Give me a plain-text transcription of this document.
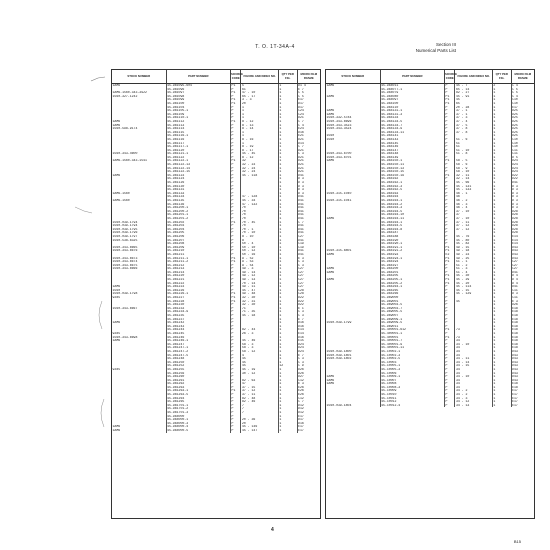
T. O. 1T-34A-4	Section III
Numerical Parts List
STOCK NUMBER	PART NUMBER	SOURCE CODE	FIGURE AND INDEX NO.	QTY PER FIG.	MICRO FILM FRAME
1AM6	45-961095-604	P1	5	1	D1 4
	45-961096	P	61	1	E 7
1AM6-1560-343-3922	45-961097	P1	47 - 10	1	C 5
1560-327-1242	45-961098	P	65 - 17	1	C 5
	45-961099	P1	3 - 3	1	E17
	45-961100	P1	20	1	D17
	45-961104	P	1	1	D17
	45-961105-1	P	1	1	C24
	45-961109	P	1	1	C24
	45-961110-1	P	1	1	D21
1AM6	45-961112	P1	8 - 12	1	C 7
1AM6	45-961113	P	8 - 13	1	C 4
1560-598-9174	45-961114	P	8 - 14	1	E24
	45-961115	P	1	1	D16
	45-961116-1	P	1	1	E21
	45-961116	P	8 - 16	1	D21
	45-961117	P	1	1	D14
	45-961117-1	P	8 - 19	1	C 7
	45-961120	P	8 - 17	1	D21
1560-343-4600	45-961121-1	P	45 - 45	1	C 3
	45-961122	P	8 - 12	1	D21
1AM6-1560-343-1541	45-961122-1	P1	32	1	D21
	45-961122-13	P	32 - 23	1	D21
	45-961122-14	P	32 - 24	1	D21
	45-961122-15	P	32 - 24	1	D21
1AM6	45-961123	P	45 - 118	1	D41
	45-961124	P		1	D 3
	45-961126	P		1	D 3
	45-961130	P		1	D 3
	45-961131	P		1	D 3
1AM6-1560	45-961133	P		1	D 3
	45-961134	P	47 - 128	1	D41
1AM6-1560	45-961135	P	45 - 34	1	D41
	45-961136	P	47 - 132	1	D41
	45-961200-1	P	70	1	D41
	45-961200-2	P	70	1	D41
	45-961201-1	P	70	1	D41
	45-961201-2	P	70	1	D41
1560-039-1794	45-961202	P1	70 - 45	1	C 7
1560-039-1794	45-961203	P	70	1	D41
1560-039-1795	45-961204	P	70 - 1	1	D41
1560-039-1796	45-961205	P	70 - 10	1	D41
1560-039-1797	45-961206	P	8 - 10	1	C27
1560-538-6325	45-961207	P	8	1	D41
	45-961208	P	50 - 4	1	C19
1560-343-6665	45-961209	P	50 - 10	1	C19
1560-343-6676	45-961210	P	50 - 12	1	D41
	45-961211	P	50 - 16	1	D41
1560-343-6673	45-961211-1	P1	9 - 52	1	E 3
1560-343-6674	45-961211-2	P1	9 - 53	1	C 3
1560-343-6675	45-961212	P	9 - 54	1	C 3
1560-343-6666	45-961213	P	49 - 3	1	C27
	45-961214	P	49 - 14	1	C27
	45-961220	P	49 - 12	1	C27
	45-961221	P	49 - 13	1	C27
	45-961222	P	70 - 14	1	C27
1AM6	45-961223	P	49 - 11	1	C27
1560	45-961226	P	45 - 47	1	C28
1560-039-1798	45-961226-1	P1	49 - 48	1	C28
9285	45-961227	P1	32 - 30	1	D22
	45-961228	P1	32 - 31	1	D22
	45-961230	P	32 - 30	1	D22
1560-343-6667	45-961233	P	71	1	E 1
	45-961234-9	P	71 - 35	1	C 3
	45-961235	P	45 - 18	1	C 3
	45-961237	P		1	E 7
1AM6	45-961242	P		1	D16
	45-961243	P		1	D16
	45-961244	P	82 - 44	1	E14
9285	45-961245	P	26 - 3	1	E14
1560-343-6698	45-961246	P		1	D16
1AM6	45-961246-1	P	45 - 46	1	E15
	45-961247	P	58 - 3	1	D24
	45-961247-1	P	58 - 3	1	D24
	45-961247-2	P	58 - 12	1	D24
	45-961247-5	P	4	1	E 7
	45-961248	P	45	1	C 3
	45-961250	P	45	1	C 3
	45-961252	P	45	12	C 9
9285	45-961255	P	45 - 19	1	D26
	45-961256	P	30 - 12	1	D26
	45-961260	P		1	D27
	45-961261	P	82 - 63	1	C12
	45-961262	P	47	1	E 3
	45-961263	P	37 - 15	1	E26
	45-961263-1	P1	37 - 12	1	E26
	45-961263-5	P	37 - 11	1	E26
	45-961264	P	82 - 48	1	C12
	45-961265	P	82 - 46	1	C 7
	45-961701-1	P	7	1	D12
	45-961701-2	P	7	1	D12
	45-961701-3	P	7	1	D12
	45-964000	P		1	E17
	45-964000-1	P	20 - 36	1	D17
	45-964000-3	P	20	1	D16
1AM6	45-964000-4	P	45 - 146	1	E17
1AM6	45-964000-5	P	45 - 147	1	E17
STOCK NUMBER	PART NUMBER	SOURCE CODE	FIGURE AND INDEX NO.	QTY PER FIG.	MICRO FILM FRAME
1AM6	45-964011	P	45 - 7	2	C 4
	45-964077-1	P	65 - 14	1	C 5
	45-964079	P	82 - 27	1	C 5
1AM6	45-964080	P1	45 - 91	1	C 4
	45-964097	P1	45	1	C10
	45-964100	P1	65	1	C10
	45-964110	P	20 - 28	1	E17
1AM6	45-964131-1	P	37 - 1	1	D25
1AM6	45-964131-3	P	37 - 1	1	D25
1560-332-5784	45-964134	P	37 - 3	1	D25
1560-343-6696	45-964134-5	P	37 - 4	1	D25
1560-343-3523	45-964134-7	P	37 - 5	1	D25
1560-343-3524	45-964134-9	P	37 - 8	1	D25
	45-964134-11	P	37 - 8	1	D25
1560	45-964141	P		1	D25
1560	45-964143	P	51 - 6	1	C10
	45-964145	P	51	1	C10
	45-964146	P	51	1	C10
	45-964147	P	51 - 10	1	C11
1560-343-6700	45-964148	P	51 - 8	1	C11
1560-343-6701	45-964149	P		1	D 5
1AM6	45-964150-1	P1	58 - 5	1	D24
	45-964150-11	P	58 - 6	1	D24
	45-964150-13	P	58 - 9	1	D24
	45-964150-15	P	58 - 10	1	D24
	45-964150-19	P1	32 - 11	1	D22
	45-964162	P	32 - 14	1	D22
	45-964162-1	P	45 - 66	1	D41
	45-964162-3	P	45 - 131	1	D 3
	45-964162-5	P	45 - 133	1	D 3
1560-315-1040	45-964163	P	46 - 1	1	D 3
	45-964164	P	46	1	D 3
1560-315-1041	45-964164-1	P	46 - 2	1	D 3
	45-964164-2	P	46 - 3	1	D 3
	45-964164-3	P	46 - 4	1	D 3
	45-964164-5	P	37 - 10	1	D28
	45-964164-10	P	37	1	D28
1AM6	45-964164-11	P	37 - 10	1	D28
	45-964164-1	P	37 - 11	1	D28
	45-964164-5	P	37 - 12	1	D28
	45-964164-8	P	37 - 12	1	D28
	45-964187	P		1	D28
	45-964188	P	45 - 76	1	E14
	45-964190	P	45 - 80	1	E14
	45-964190-1	P	45 - 82	1	E14
	45-964191-1	P1	49 - 15	1	D43
1560-315-6801	45-964191-2	P1	49 - 18	1	D43
1AM6	45-964193	E2	49 - 23	1	D43
	45-964194-1	P1	49 - 25	1	D43
	45-964194	P1	51 - 1	1	C27
	45-964197	P	51 - 2	1	C27
1AM6	45-964200	P	51 - 3	1	C27
1AM6	45-964201	P	51 - 4	1	D41
	45-964205	P1	45 - 30	1	D 4
1AM6	45-964205-1	P1	45 - 29	1	D 4
	45-964205-2	P1	45 - 20	1	D 4
	45-964264-1	P	45 - 114	1	D41
	45-964265	P	45 - 15	1	C11
	45-964266	P	45 - 129	1	D 3
	45-969000	P		1	C11
	45-969001	P	45	1	E 3
	45-969003-5	P		1	D26
	45-969003-7	P		1	E18
	45-969005-5	P		1	E18
	45-969007	P		1	E18
	45-969009-1	P		1	E18
1560-039-1799	45-969009-5	P		1	E18
	45-969011	P		1	E18
	45-400001-612	P1	73	1	E18
	45-400001-1	P		1	E18
	45-400001	P1	73	1	E18
	45-400001-7	P	34	1	E18
	45-400001-9	P	34 - 10	1	E18
	45-400001-11	P	34	1	E18
1560-039-1800	45-10002-1	P	34	1	D43
1560-039-1801	45-10002-3	P	34	1	D43
1560-039-1802	45-10002-5	P	34 - 11	1	D43
	45-10003	P	34 - 14	1	D43
	45-10005-1	P	34 - 15	1	D43
	45-10005-3	P	34	1	D43
	45-10006	P	34	1	D43
1AM6	45-10006-1	P	34 - 10	1	D43
1AM6	45-10007	P	34	1	D43
1AM6	45-10008	P	34	1	E18
	45-10008-3	P	34	1	E18
	45-10009	P	34 - 2	1	E17
	45-10010	P	34 - 2	1	E17
	45-10011	P	34 - 3	1	E17
	45-10012	P	34 - 12	1	E17
1560-039-1804	45-10012-4	P	34 - 13	1	E17
4
B15
